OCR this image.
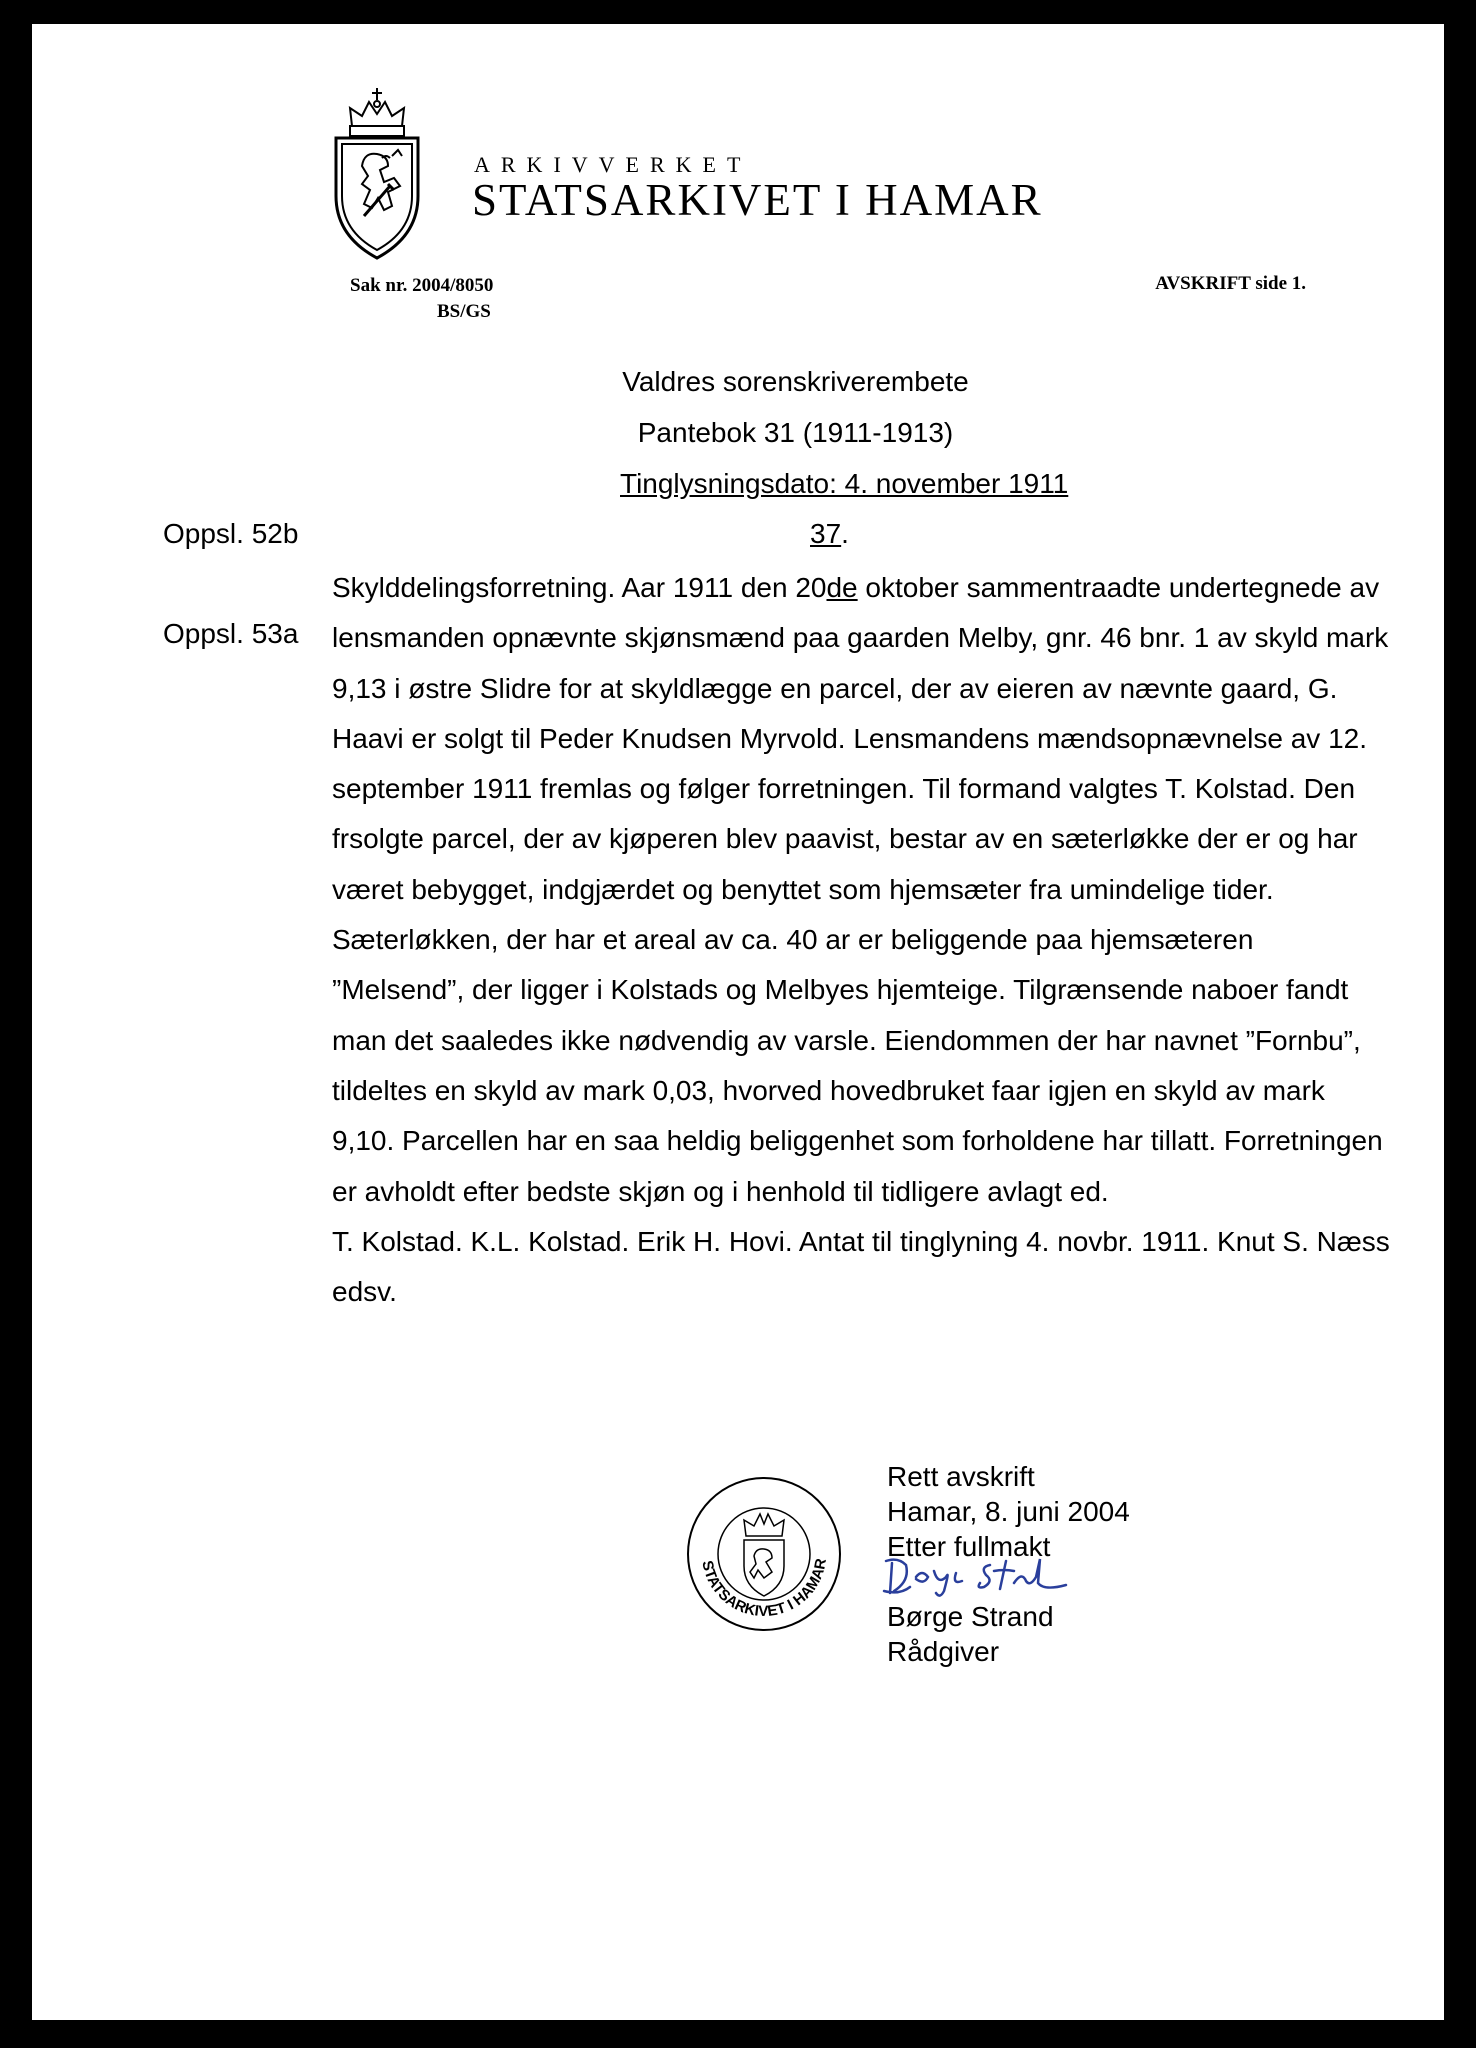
ARKIVVERKET
STATSARKIVET I HAMAR
Sak nr. 2004/8050
BS/GS
AVSKRIFT side 1.
Valdres sorenskriverembete
Pantebok 31 (1911-1913)
Tinglysningsdato: 4. november 1911
37.
Oppsl. 52b
Oppsl. 53a

Skylddelingsforretning. Aar 1911 den 20de oktober sammentraadte undertegnede av lensmanden opnævnte skjønsmænd paa gaarden Melby, gnr. 46 bnr. 1 av skyld mark 9,13 i østre Slidre for at skyldlægge en parcel, der av eieren av nævnte gaard, G. Haavi er solgt til Peder Knudsen Myrvold. Lensmandens mændsopnævnelse av 12. september 1911 fremlas og følger forretningen. Til formand valgtes T. Kolstad. Den frsolgte parcel, der av kjøperen blev paavist, bestar av en sæterløkke der er og har været bebygget, indgjærdet og benyttet som hjemsæter fra umindelige tider. Sæterløkken, der har et areal av ca. 40 ar er beliggende paa hjemsæteren ”Melsend”, der ligger i Kolstads og Melbyes hjemteige. Tilgrænsende naboer fandt man det saaledes ikke nødvendig av varsle. Eiendommen der har navnet ”Fornbu”, tildeltes en skyld av mark 0,03, hvorved hovedbruket faar igjen en skyld av mark 9,10. Parcellen har en saa heldig beliggenhet som forholdene har tillatt. Forretningen er avholdt efter bedste skjøn og i henhold til tidligere avlagt ed.

T. Kolstad. K.L. Kolstad. Erik H. Hovi. Antat til tinglyning 4. novbr. 1911. Knut S. Næss edsv.

STATSARKIVET I HAMAR
Rett avskrift
Hamar, 8. juni 2004
Etter fullmakt
Børge Strand
Rådgiver
